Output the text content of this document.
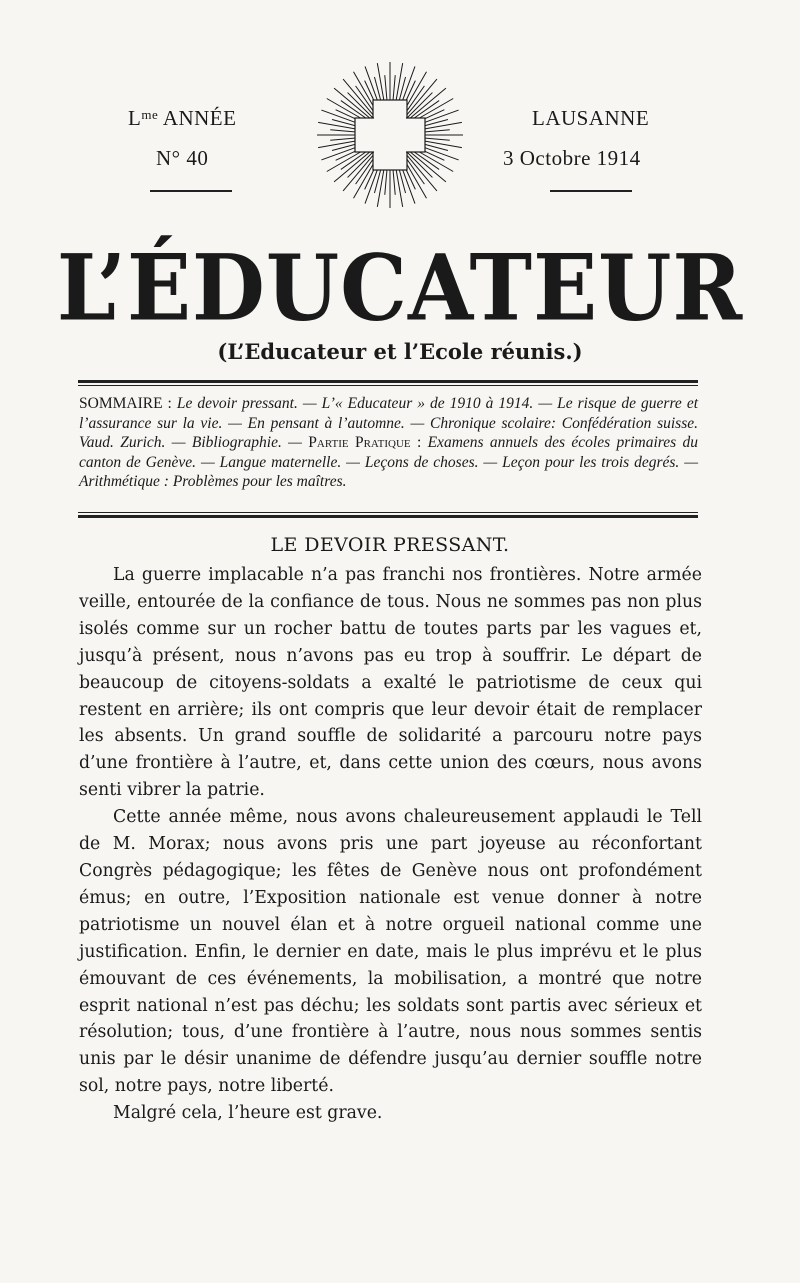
$L^{me}$ ANNÉE
N° 40
LAUSANNE
3 Octobre 1914
L’ÉDUCATEUR
(L’Educateur et l’Ecole réunis.)
SOMMAIRE : Le devoir pressant. — L’« Educateur » de 1910 à 1914. — Le risque de guerre et l’assurance sur la vie. — En pensant à l’automne. — Chronique scolaire: Confédération suisse. Vaud. Zurich. — Bibliographie. — Partie Pratique : Examens annuels des écoles primaires du canton de Genève. — Langue maternelle. — Leçons de choses. — Leçon pour les trois degrés. — Arithmétique : Problèmes pour les maîtres.
LE DEVOIR PRESSANT.

La guerre implacable n’a pas franchi nos frontières. Notre armée veille, entourée de la confiance de tous. Nous ne sommes pas non plus isolés comme sur un rocher battu de toutes parts par les vagues et, jusqu’à présent, nous n’avons pas eu trop à souffrir. Le départ de beaucoup de citoyens-soldats a exalté le patriotisme de ceux qui restent en arrière; ils ont compris que leur devoir était de remplacer les absents. Un grand souffle de solidarité a parcouru notre pays d’une frontière à l’autre, et, dans cette union des cœurs, nous avons senti vibrer la patrie.

Cette année même, nous avons chaleureusement applaudi le Tell de M. Morax; nous avons pris une part joyeuse au réconfortant Congrès pédagogique; les fêtes de Genève nous ont profondément émus; en outre, l’Exposition nationale est venue donner à notre patriotisme un nouvel élan et à notre orgueil national comme une justification. Enfin, le dernier en date, mais le plus imprévu et le plus émouvant de ces événements, la mobilisation, a montré que notre esprit national n’est pas déchu; les soldats sont partis avec sérieux et résolution; tous, d’une frontière à l’autre, nous nous sommes sentis unis par le désir unanime de défendre jusqu’au dernier souffle notre sol, notre pays, notre liberté.

Malgré cela, l’heure est grave.
